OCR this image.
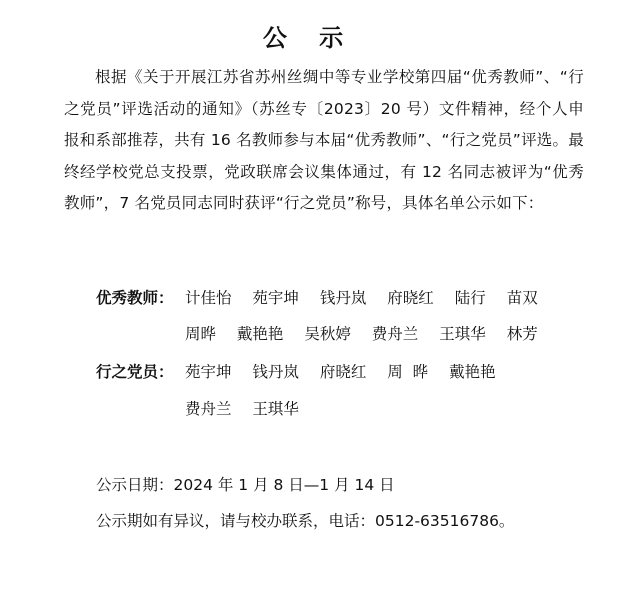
公 示
根据《关于开展江苏省苏州丝绸中等专业学校第四届“优秀教师”、“行之党员”评选活动的通知》（苏丝专〔2023〕20 号）文件精神，经个人申报和系部推荐，共有 16 名教师参与本届“优秀教师”、“行之党员”评选。最终经学校党总支投票，党政联席会议集体通过，有 12 名同志被评为“优秀教师”，7 名党员同志同时获评“行之党员”称号，具体名单公示如下：
优秀教师： 计佳怡 苑宇坤 钱丹岚 府晓红 陆行 苗双
周晔 戴艳艳 吴秋婷 费舟兰 王琪华 林芳
行之党员： 苑宇坤 钱丹岚 府晓红 周  晔 戴艳艳
费舟兰 王琪华
公示日期：2024 年 1 月 8 日—1 月 14 日
公示期如有异议，请与校办联系，电话：0512-63516786。
